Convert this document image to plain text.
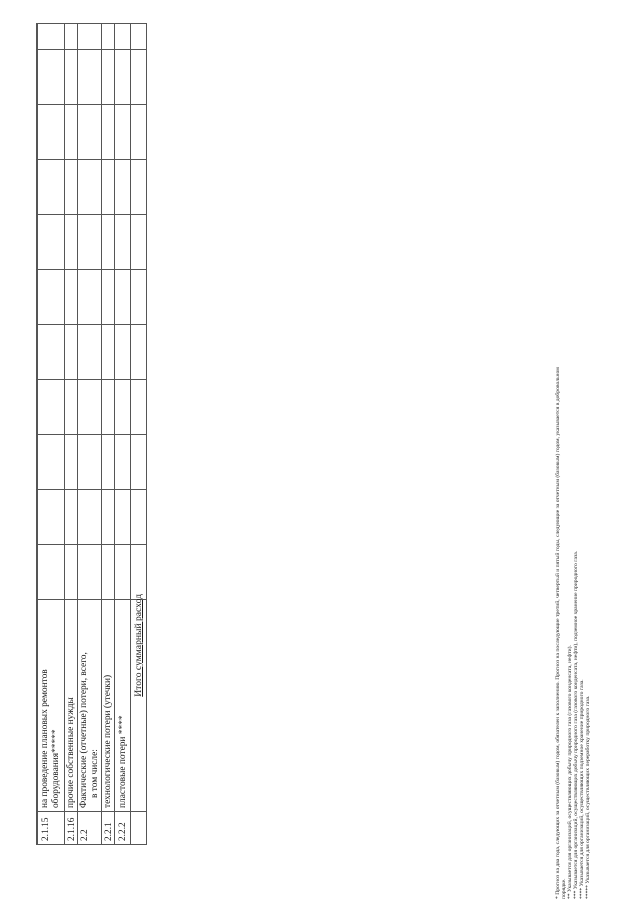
2.1.15
на проведение плановых ремонтов оборудования*****
2.1.16
прочие собственные нужды
2.2
Фактические (отчетные) потери, всего, в том числе:
2.2.1
технологические потери (утечки)
2.2.2
пластовые потери ****
Итого суммарный расход	* Прогноз на два года, следующих за отчетным (базовым) годом, обязателен к заполнению. Прогноз на последующие третий, четвертый и пятый годы, следующие за отчетным (базовым) годом, указывается в добровольном порядке. ** Указывается для организаций, осуществляющих добычу природного газа (газового конденсата, нефти). *** Указывается для организаций, осуществляющих добычу природного газа (газового конденсата, нефти), подземное хранение природного газа. **** Указывается для организаций, осуществляющих подземное хранение природного газа. ***** Указывается для организаций, осуществляющих переработку природного газа.
